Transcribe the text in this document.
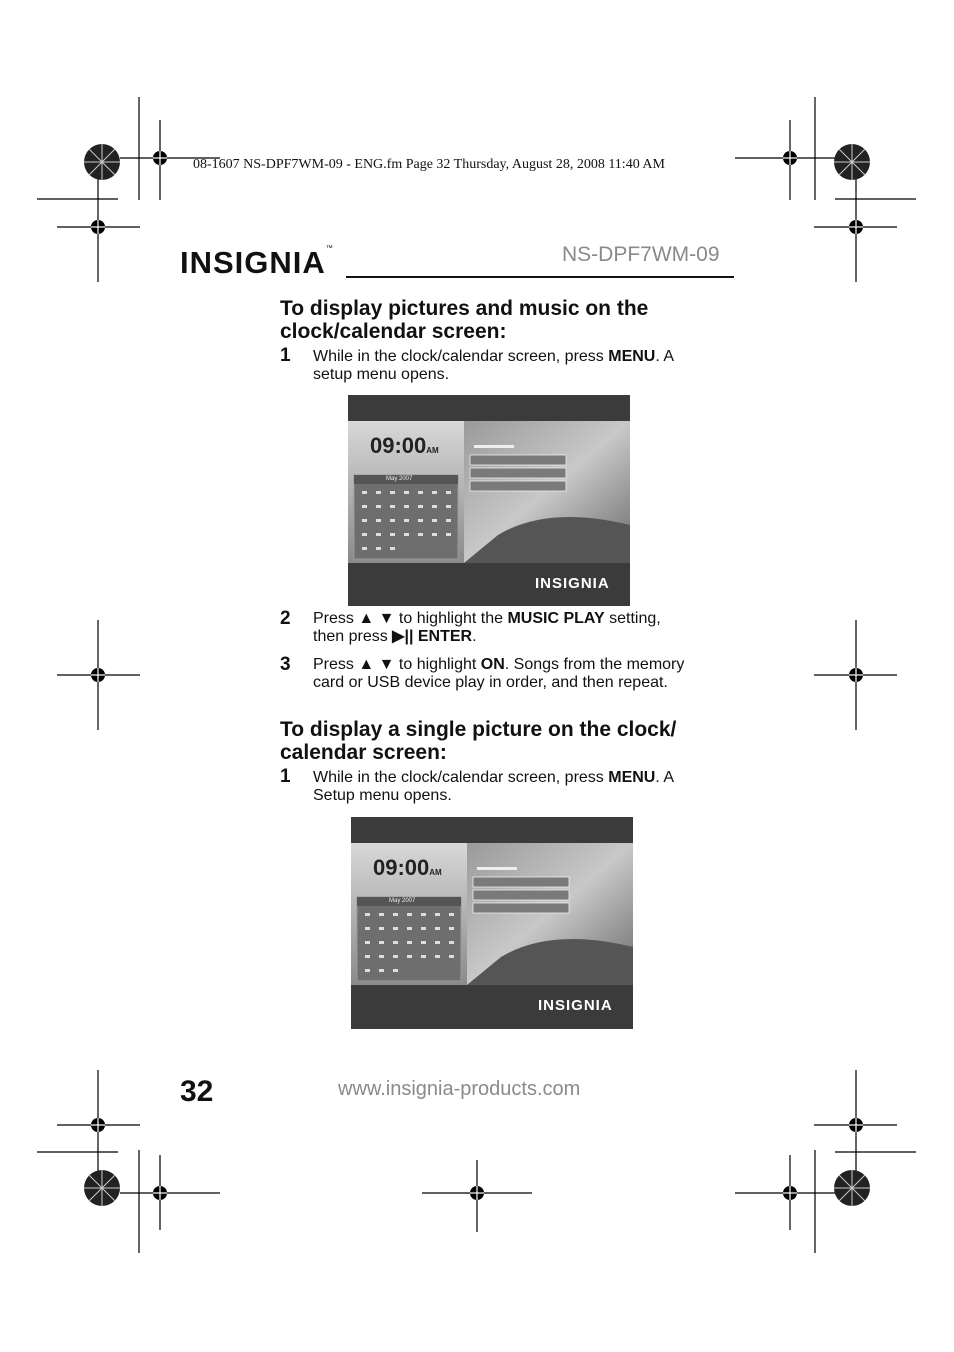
08-1607 NS-DPF7WM-09 - ENG.fm Page 32 Thursday, August 28, 2008 11:40 AM
INSIGNIA™	NS-DPF7WM-09
To display pictures and music on the
clock/calendar screen:
1 While in the clock/calendar screen, press MENU. A
setup menu opens.
09:00AM
May 2007
INSIGNIA
2 Press ▲ ▼ to highlight the MUSIC PLAY setting,
then press ▶|| ENTER.
3 Press ▲ ▼ to highlight ON. Songs from the memory
card or USB device play in order, and then repeat.
To display a single picture on the clock/
calendar screen:
1 While in the clock/calendar screen, press MENU. A
Setup menu opens.
09:00AM
May 2007
INSIGNIA
32	www.insignia-products.com
